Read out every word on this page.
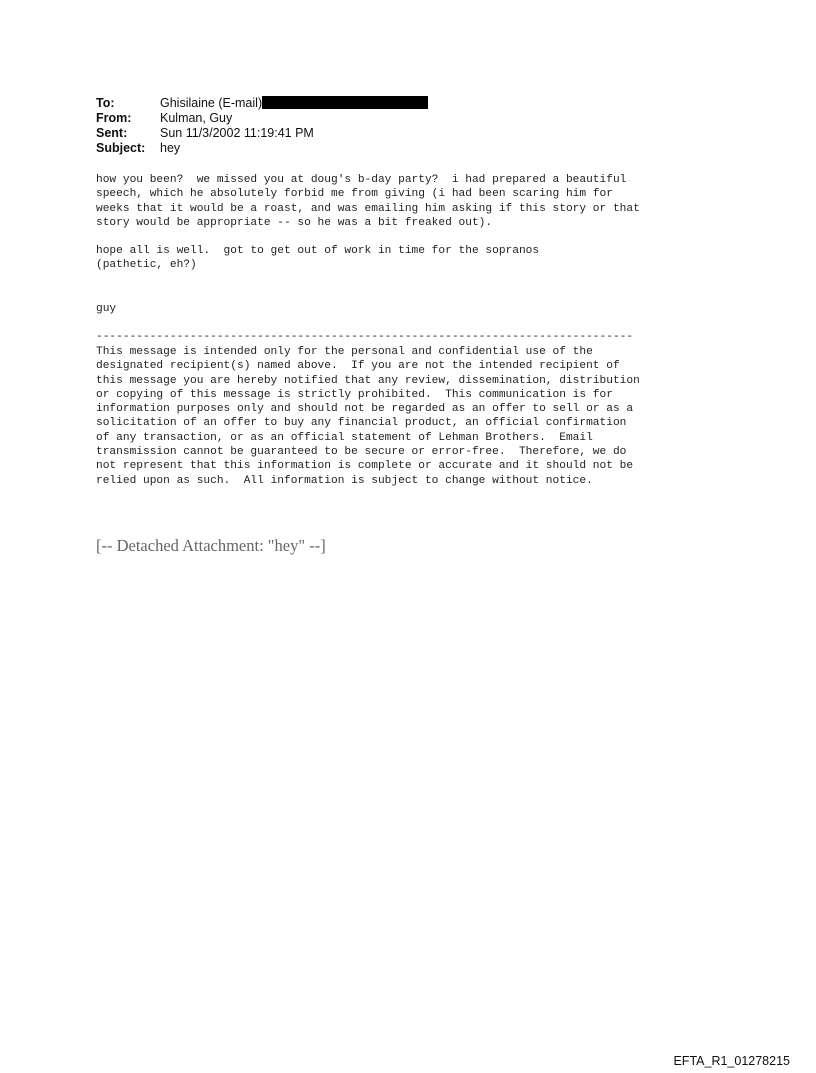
To:	Ghisilaine (E-mail)
From:	Kulman, Guy
Sent:	Sun 11/3/2002 11:19:41 PM
Subject:	hey
how you been?  we missed you at doug's b-day party?  i had prepared a beautiful
speech, which he absolutely forbid me from giving (i had been scaring him for
weeks that it would be a roast, and was emailing him asking if this story or that
story would be appropriate -- so he was a bit freaked out).
hope all is well.  got to get out of work in time for the sopranos
(pathetic, eh?)
guy
--------------------------------------------------------------------------------
This message is intended only for the personal and confidential use of the
designated recipient(s) named above.  If you are not the intended recipient of
this message you are hereby notified that any review, dissemination, distribution
or copying of this message is strictly prohibited.  This communication is for
information purposes only and should not be regarded as an offer to sell or as a
solicitation of an offer to buy any financial product, an official confirmation
of any transaction, or as an official statement of Lehman Brothers.  Email
transmission cannot be guaranteed to be secure or error-free.  Therefore, we do
not represent that this information is complete or accurate and it should not be
relied upon as such.  All information is subject to change without notice.
[-- Detached Attachment: "hey" --]
EFTA_R1_01278215
